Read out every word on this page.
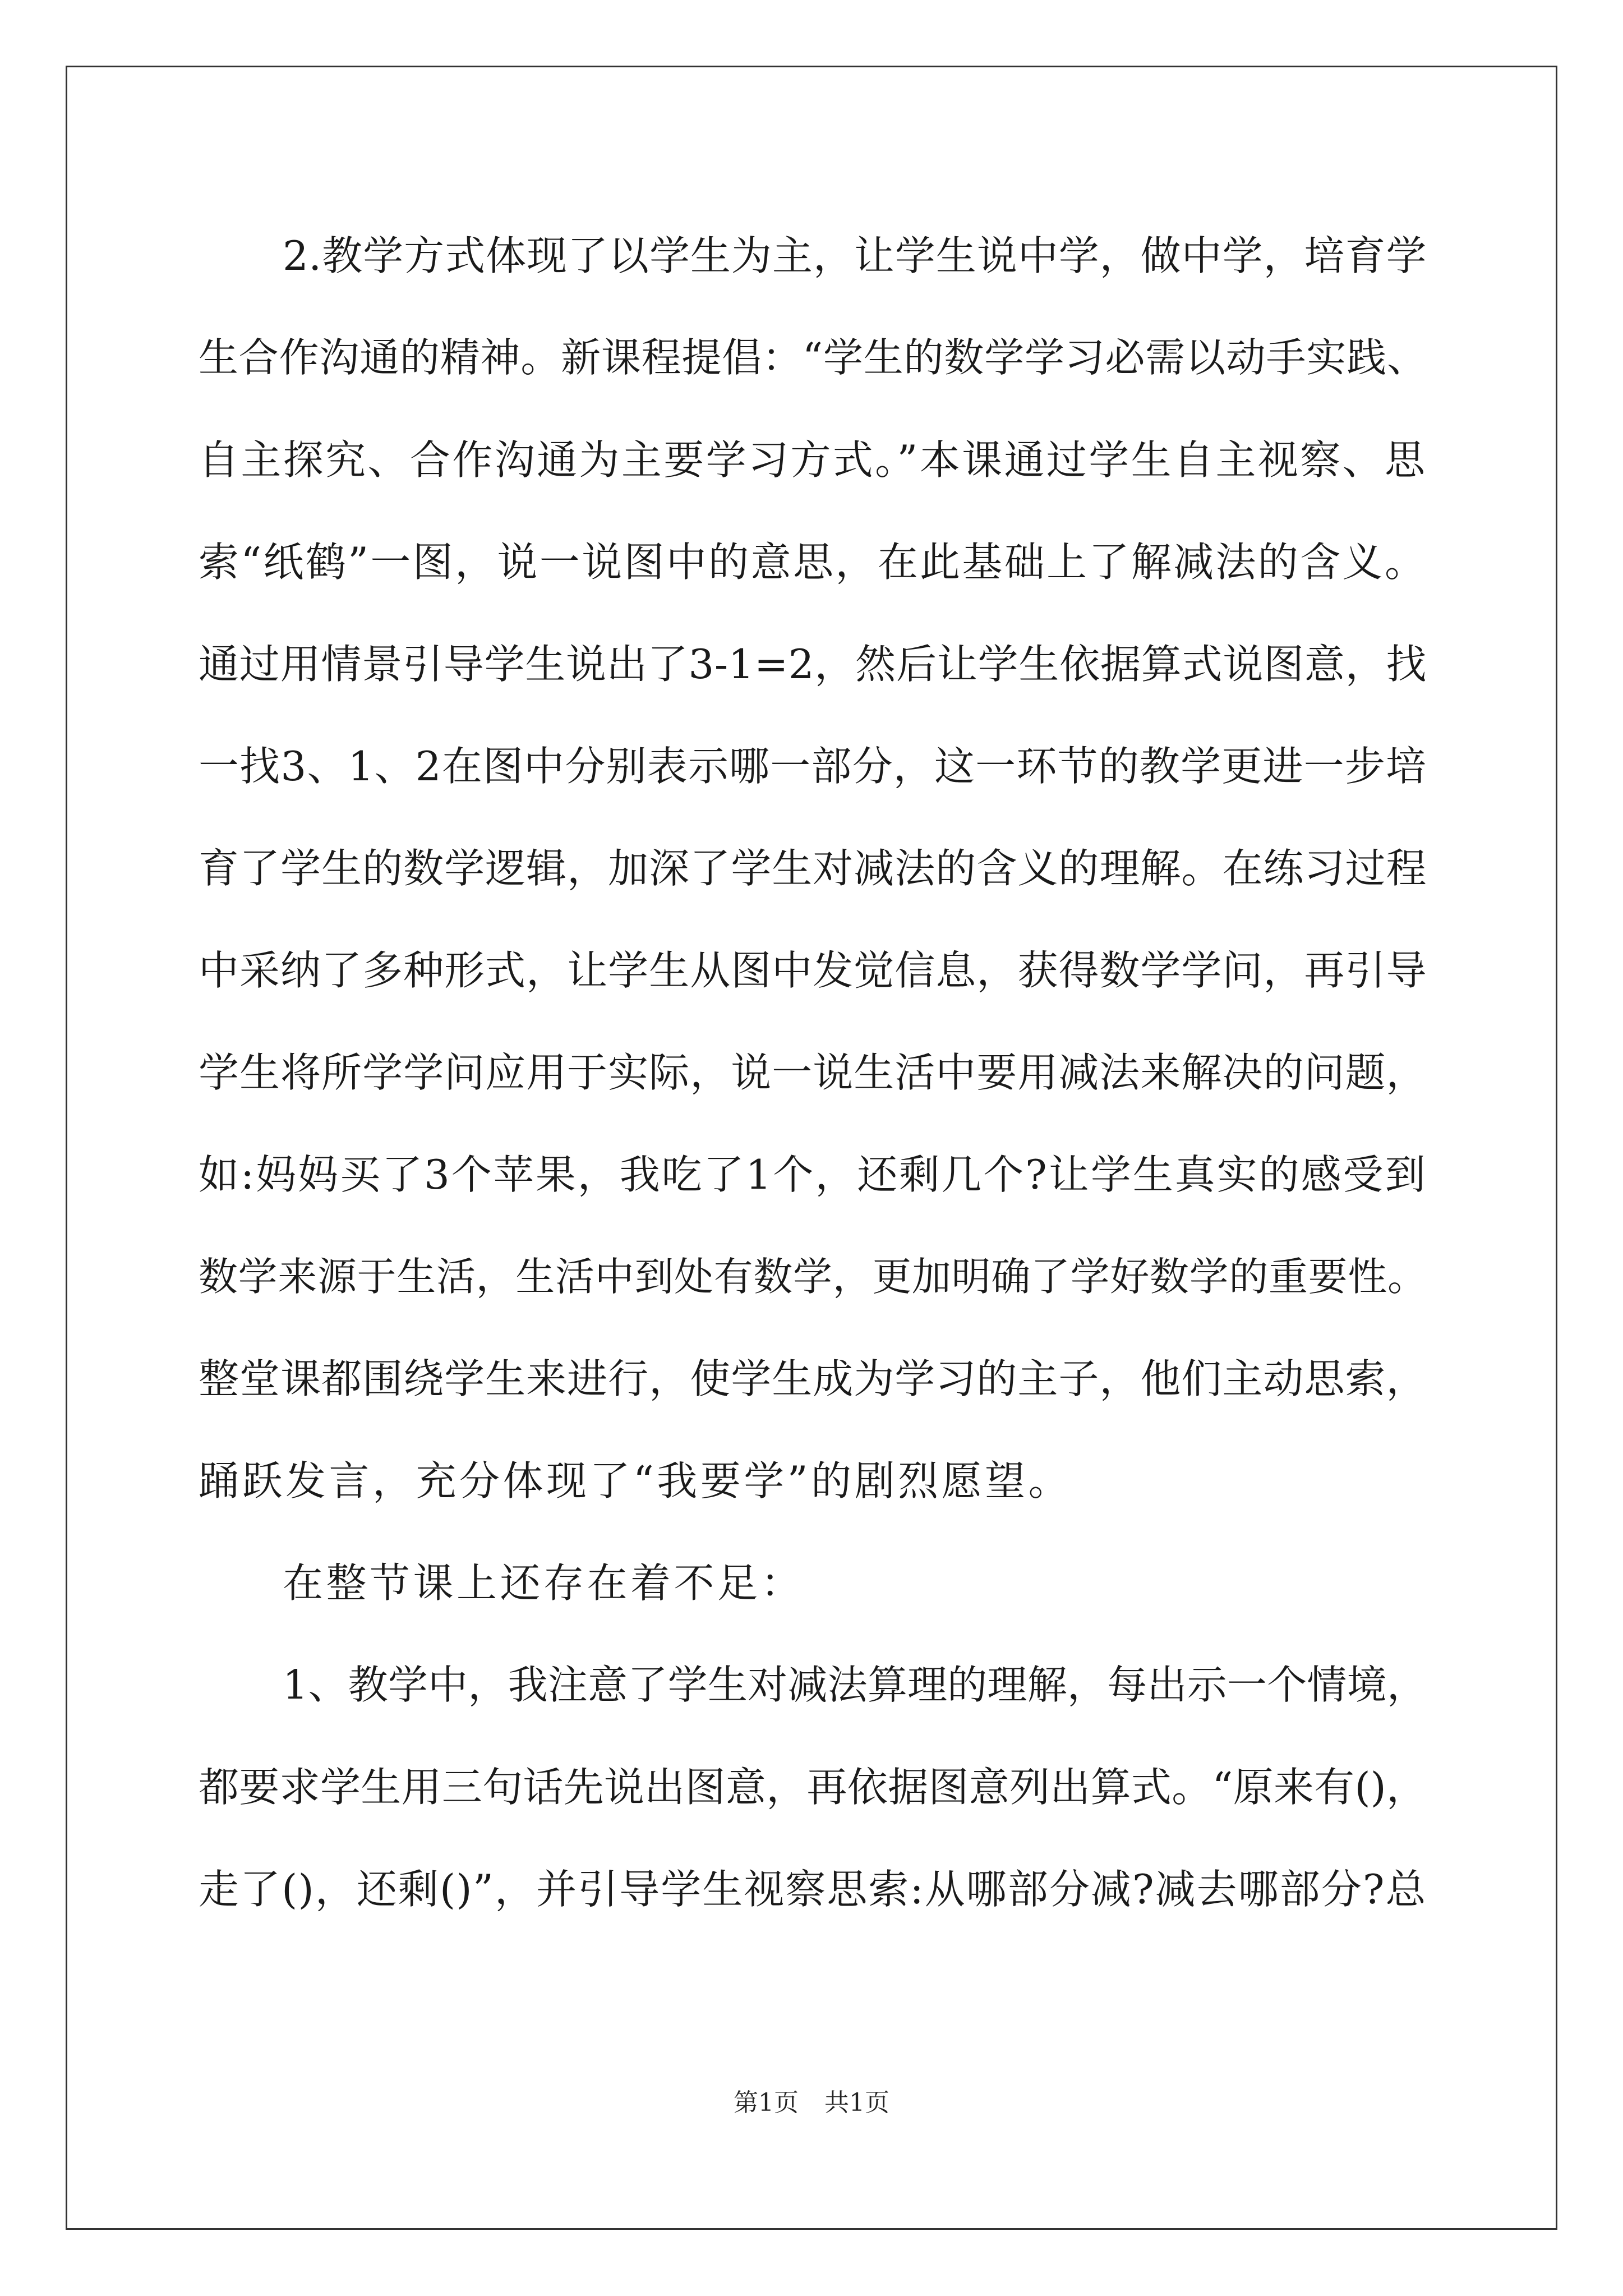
2.教学方式体现了以学生为主，让学生说中学，做中学，培育学
生合作沟通的精神。新课程提倡：“学生的数学学习必需以动手实践、
自主探究、合作沟通为主要学习方式。”本课通过学生自主视察、思
索“纸鹤”一图，说一说图中的意思，在此基础上了解减法的含义。
通过用情景引导学生说出了3-1=2，然后让学生依据算式说图意，找
一找3、1、2在图中分别表示哪一部分，这一环节的教学更进一步培
育了学生的数学逻辑，加深了学生对减法的含义的理解。在练习过程
中采纳了多种形式，让学生从图中发觉信息，获得数学学问，再引导
学生将所学学问应用于实际，说一说生活中要用减法来解决的问题，
如:妈妈买了3个苹果，我吃了1个，还剩几个?让学生真实的感受到
数学来源于生活，生活中到处有数学，更加明确了学好数学的重要性。
整堂课都围绕学生来进行，使学生成为学习的主子，他们主动思索，
踊跃发言，充分体现了“我要学”的剧烈愿望。
在整节课上还存在着不足：
1、教学中，我注意了学生对减法算理的理解，每出示一个情境，
都要求学生用三句话先说出图意，再依据图意列出算式。“原来有()，
走了()，还剩()”，并引导学生视察思索:从哪部分减?减去哪部分?总
第1页 共1页
